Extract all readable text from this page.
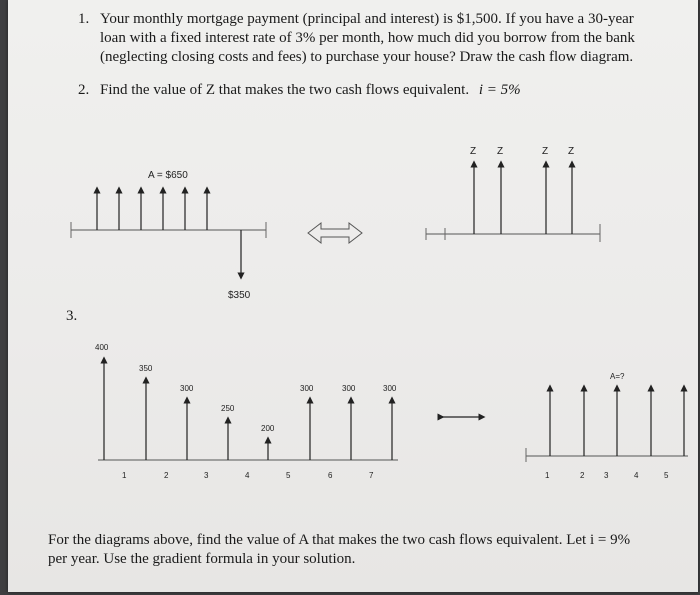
1. Your monthly mortgage payment (principal and interest) is $1,500. If you have a 30-year
loan with a fixed interest rate of 3% per month, how much did you borrow from the bank
(neglecting closing costs and fees) to purchase your house? Draw the cash flow diagram.
2. Find the value of Z that makes the two cash flows equivalent. i = 5%
3.
A = $650
$350
Z Z	Z Z
400
350
300
250
200
300	300	300
1	2	3	4	5	6	7
A=?
1	2 3	4	5
For the diagrams above, find the value of A that makes the two cash flows equivalent. Let i = 9%
per year. Use the gradient formula in your solution.
